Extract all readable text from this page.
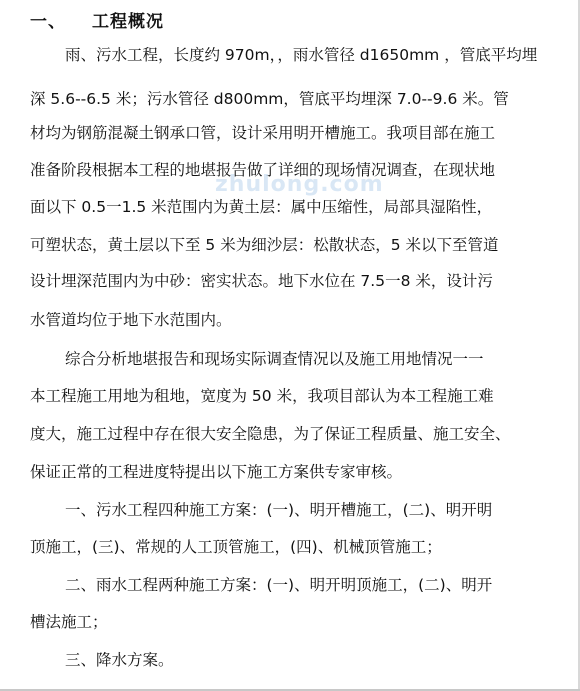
一、 工程概况
雨、污水工程，长度约 970m，，雨水管径 d1650mm ，管底平均埋
深 5.6--6.5 米；污水管径 d800mm，管底平均埋深 7.0--9.6 米。管
材均为钢筋混凝土钢承口管，设计采用明开槽施工。我项目部在施工
准备阶段根据本工程的地堪报告做了详细的现场情况调查，在现状地
面以下 0.5一1.5 米范围内为黄土层：属中压缩性，局部具湿陷性，
可塑状态，黄土层以下至 5 米为细沙层：松散状态，5 米以下至管道
设计埋深范围内为中砂：密实状态。地下水位在 7.5一8 米，设计污
水管道均位于地下水范围内。
综合分析地堪报告和现场实际调查情况以及施工用地情况一一
本工程施工用地为租地，宽度为 50 米，我项目部认为本工程施工难
度大，施工过程中存在很大安全隐患，为了保证工程质量、施工安全、
保证正常的工程进度特提出以下施工方案供专家审核。
一、污水工程四种施工方案：(一)、明开槽施工，(二)、明开明
顶施工，(三)、常规的人工顶管施工，(四)、机械顶管施工；
二、雨水工程两种施工方案：(一)、明开明顶施工，(二)、明开
槽法施工；
三、降水方案。
zhulong.com
